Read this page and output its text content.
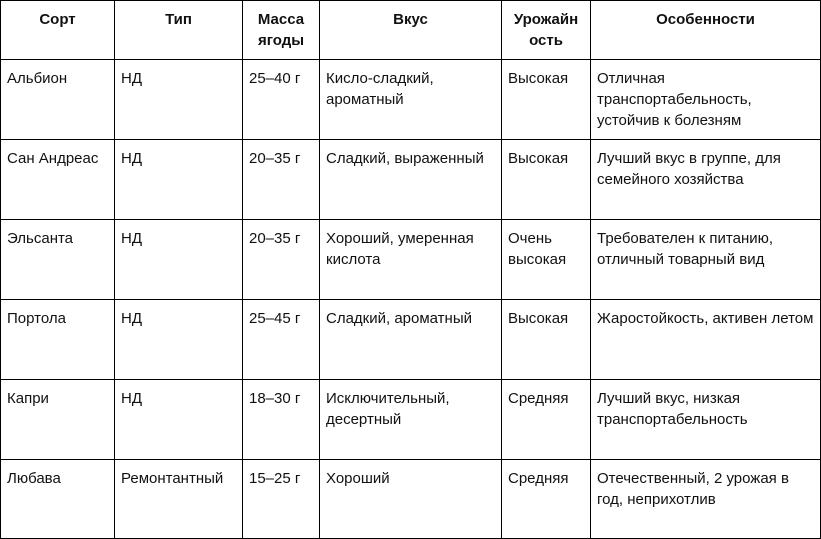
Сорт	Тип	Масса ягоды	Вкус	Урожайн ость	Особенности
Альбион	НД	25–40 г	Кисло-сладкий, ароматный	Высокая	Отличная транспортабельность, устойчив к болезням
Сан Андреас	НД	20–35 г	Сладкий, выраженный	Высокая	Лучший вкус в группе, для семейного хозяйства
Эльсанта	НД	20–35 г	Хороший, умеренная кислота	Очень высокая	Требователен к питанию, отличный товарный вид
Портола	НД	25–45 г	Сладкий, ароматный	Высокая	Жаростойкость, активен летом
Капри	НД	18–30 г	Исключительный, десертный	Средняя	Лучший вкус, низкая транспортабельность
Любава	Ремонтантный	15–25 г	Хороший	Средняя	Отечественный, 2 урожая в год, неприхотлив
